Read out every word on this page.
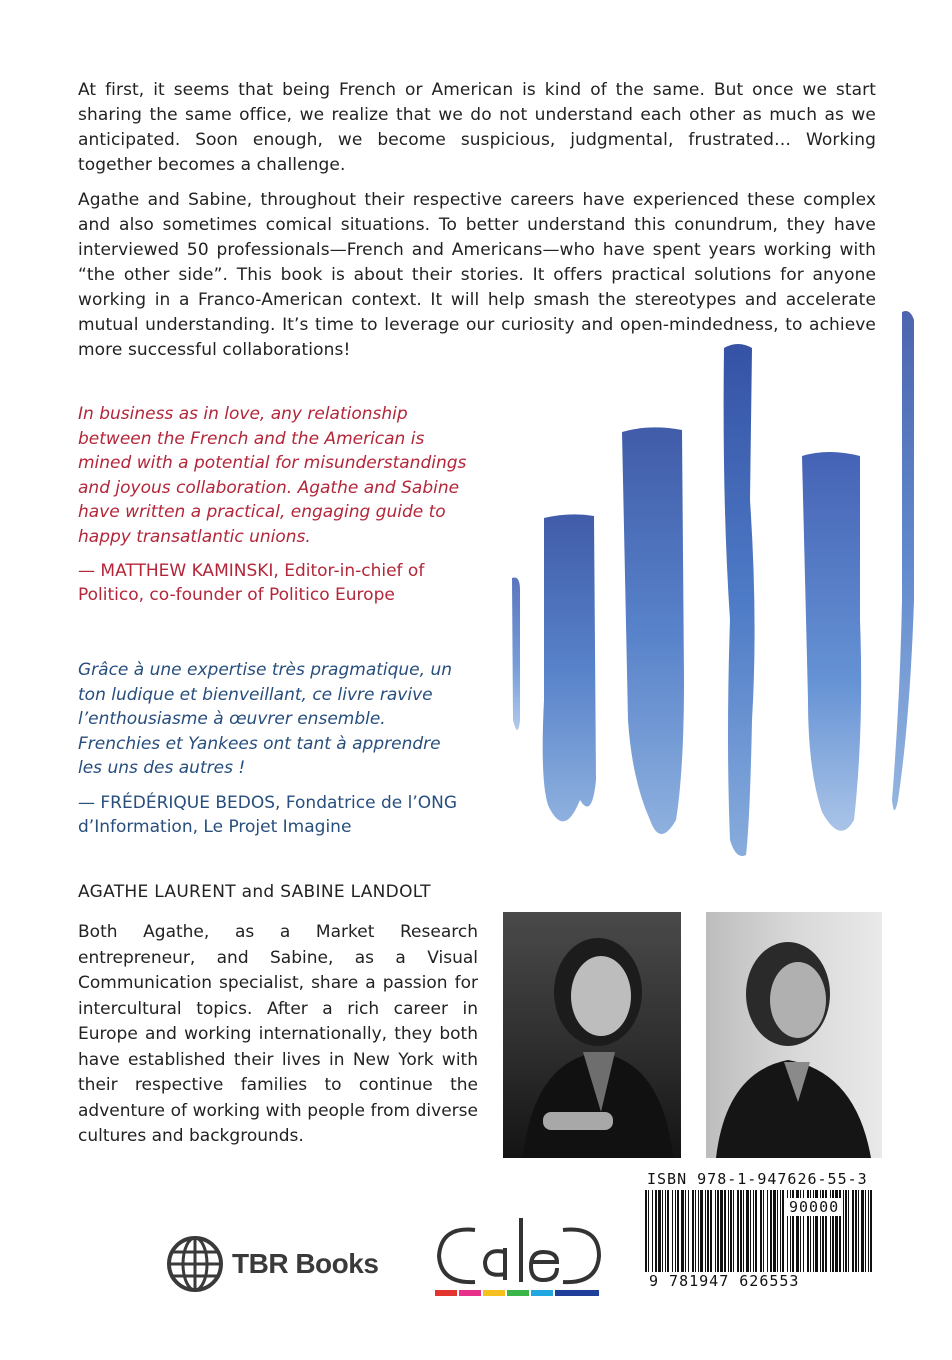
At first, it seems that being French or American is kind of the same. But once we start sharing the same office, we realize that we do not understand each other as much as we anticipated. Soon enough, we become suspicious, judgmental, frustrated… Working together becomes a challenge.

Agathe and Sabine, throughout their respective careers have experienced these complex and also sometimes comical situations. To better understand this conundrum, they have interviewed 50 professionals—French and Americans—who have spent years working with “the other side”. This book is about their stories. It offers practical solutions for anyone working in a Franco-American context. It will help smash the stereotypes and accelerate mutual understanding. It’s time to leverage our curiosity and open-mindedness, to achieve more successful collaborations!

In business as in love, any relationship between the French and the American is mined with a potential for misunderstandings and joyous collaboration. Agathe and Sabine have written a practical, engaging guide to happy transatlantic unions.

— MATTHEW KAMINSKI, Editor-in-chief of Politico, co-founder of Politico Europe

Grâce à une expertise très pragmatique, un ton ludique et bienveillant, ce livre ravive l’enthousiasme à œuvrer ensemble. Frenchies et Yankees ont tant à apprendre les uns des autres !

— FRÉDÉRIQUE BEDOS, Fondatrice de l’ONG d’Information, Le Projet Imagine

AGATHE LAURENT and SABINE LANDOLT

Both Agathe, as a Market Research entrepreneur, and Sabine, as a Visual Communication specialist, share a passion for intercultural topics. After a rich career in Europe and working internationally, they both have established their lives in New York with their respective families to continue the adventure of working with people from diverse cultures and backgrounds.

ISBN 978-1-947626-55-3
90000
9 781947 626553
TBR Books
